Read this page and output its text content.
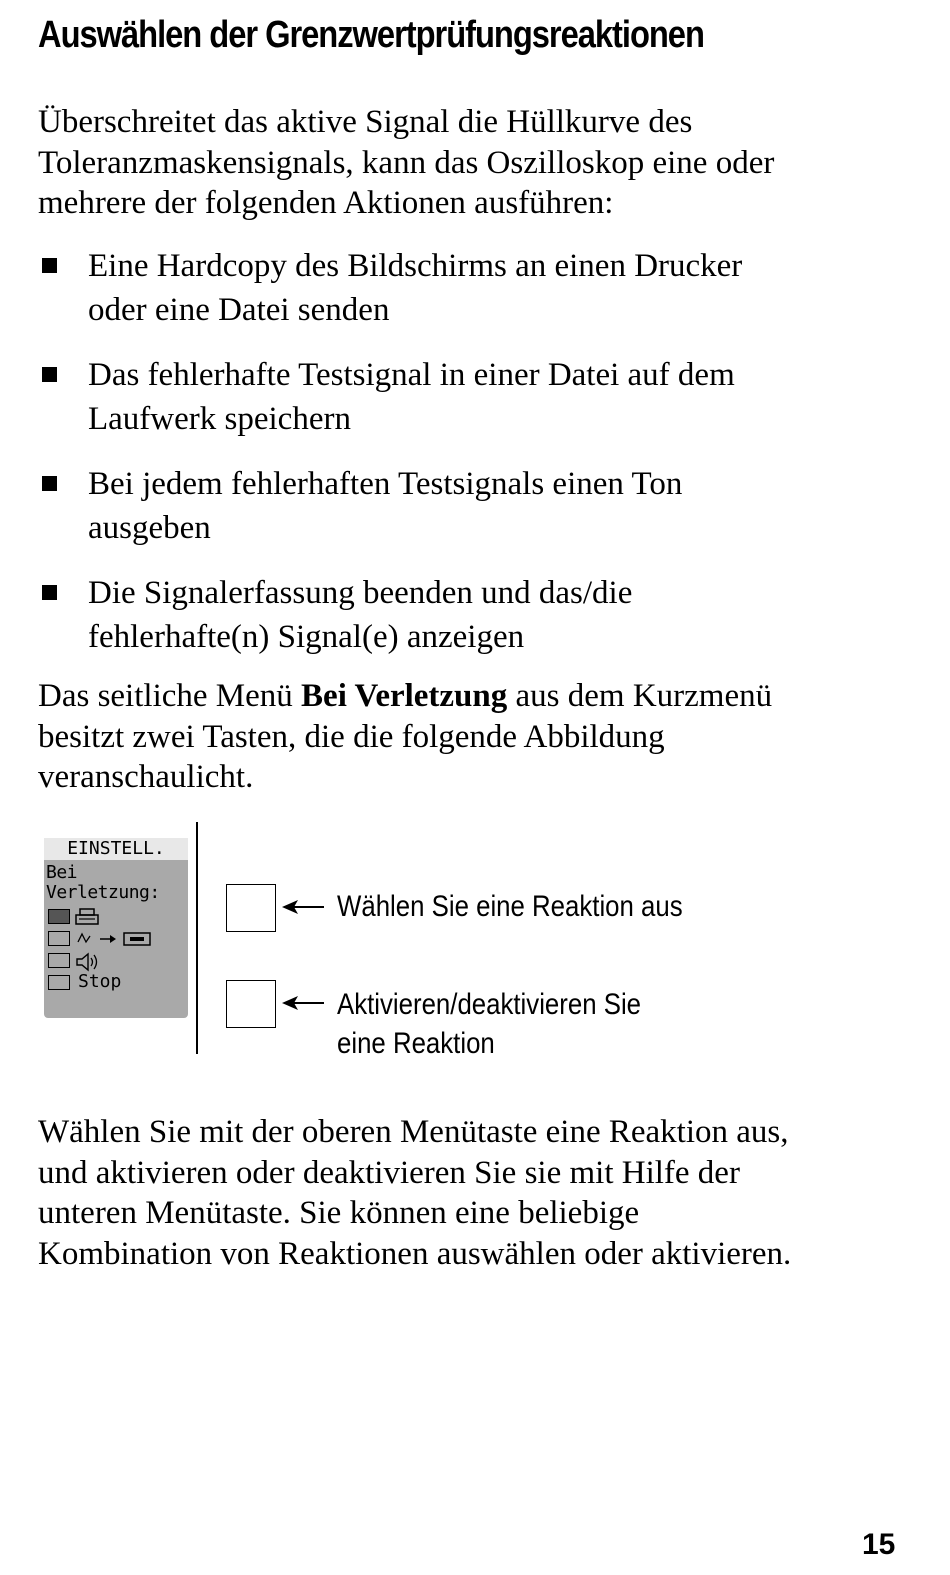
Auswählen der Grenzwertprüfungsreaktionen

Überschreitet das aktive Signal die Hüllkurve des
Toleranzmaskensignals, kann das Oszilloskop eine oder
mehrere der folgenden Aktionen ausführen:

Eine Hardcopy des Bildschirms an einen Drucker
oder eine Datei senden
Das fehlerhafte Testsignal in einer Datei auf dem
Laufwerk speichern
Bei jedem fehlerhaften Testsignals einen Ton
ausgeben
Die Signalerfassung beenden und das/die
fehlerhafte(n) Signal(e) anzeigen

Das seitliche Menü Bei Verletzung aus dem Kurzmenü
besitzt zwei Tasten, die die folgende Abbildung
veranschaulicht.

EINSTELL.
Bei
Verletzung:
Stop

Wählen Sie eine Reaktion aus

Aktivieren/deaktivieren Sie
eine Reaktion

Wählen Sie mit der oberen Menütaste eine Reaktion aus,
und aktivieren oder deaktivieren Sie sie mit Hilfe der
unteren Menütaste. Sie können eine beliebige
Kombination von Reaktionen auswählen oder aktivieren.

15
